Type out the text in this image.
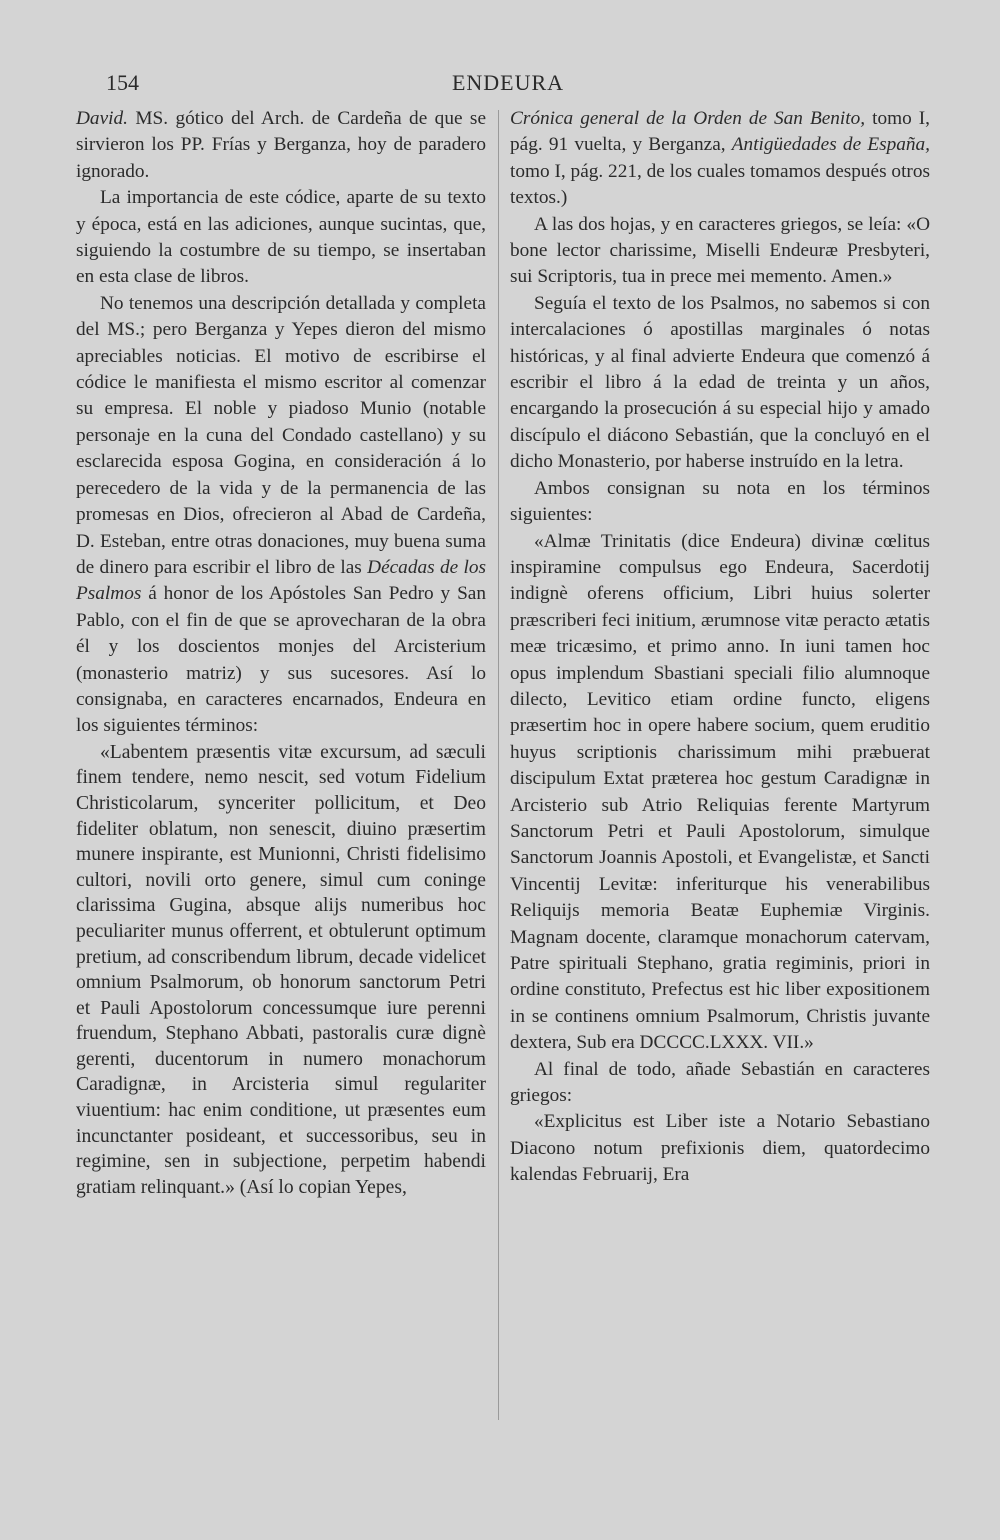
154	ENDEURA

David. MS. gótico del Arch. de Cardeña de que se sirvieron los PP. Frías y Berganza, hoy de paradero ignorado.

La importancia de este códice, aparte de su texto y época, está en las adiciones, aunque sucintas, que, siguiendo la costumbre de su tiempo, se insertaban en esta clase de libros.

No tenemos una descripción detallada y completa del MS.; pero Berganza y Yepes dieron del mismo apreciables noticias. El motivo de escribirse el códice le manifiesta el mismo escritor al comenzar su empresa. El noble y piadoso Munio (notable personaje en la cuna del Condado castellano) y su esclarecida esposa Gogina, en consideración á lo perecedero de la vida y de la permanencia de las promesas en Dios, ofrecieron al Abad de Cardeña, D. Esteban, entre otras donaciones, muy buena suma de dinero para escribir el libro de las Décadas de los Psalmos á honor de los Apóstoles San Pedro y San Pablo, con el fin de que se aprovecharan de la obra él y los doscientos monjes del Arcisterium (monasterio matriz) y sus sucesores. Así lo consignaba, en caracteres encarnados, Endeura en los siguientes términos:

«Labentem præsentis vitæ excursum, ad sæculi finem tendere, nemo nescit, sed votum Fidelium Christicolarum, synceriter pollicitum, et Deo fideliter oblatum, non senescit, diuino præsertim munere inspirante, est Munionni, Christi fidelisimo cultori, novili orto genere, simul cum coninge clarissima Gugina, absque alijs numeribus hoc peculiariter munus offerrent, et obtulerunt optimum pretium, ad conscribendum librum, decade videlicet omnium Psalmorum, ob honorum sanctorum Petri et Pauli Apostolorum concessumque iure perenni fruendum, Stephano Abbati, pastoralis curæ dignè gerenti, ducentorum in numero monachorum Caradignæ, in Arcisteria simul regulariter viuentium: hac enim conditione, ut præsentes eum incunctanter posideant, et successoribus, seu in regimine, sen in subjectione, perpetim habendi gratiam relinquant.» (Así lo copian Yepes,

Crónica general de la Orden de San Benito, tomo I, pág. 91 vuelta, y Berganza, Antigüedades de España, tomo I, pág. 221, de los cuales tomamos después otros textos.)

A las dos hojas, y en caracteres griegos, se leía: «O bone lector charissime, Miselli Endeuræ Presbyteri, sui Scriptoris, tua in prece mei memento. Amen.»

Seguía el texto de los Psalmos, no sabemos si con intercalaciones ó apostillas marginales ó notas históricas, y al final advierte Endeura que comenzó á escribir el libro á la edad de treinta y un años, encargando la prosecución á su especial hijo y amado discípulo el diácono Sebastián, que la concluyó en el dicho Monasterio, por haberse instruído en la letra.

Ambos consignan su nota en los términos siguientes:

«Almæ Trinitatis (dice Endeura) divinæ cœlitus inspiramine compulsus ego Endeura, Sacerdotij indignè oferens officium, Libri huius solerter præscriberi feci initium, ærumnose vitæ peracto ætatis meæ tricæsimo, et primo anno. In iuni tamen hoc opus implendum Sbastiani speciali filio alumnoque dilecto, Levitico etiam ordine functo, eligens præsertim hoc in opere habere socium, quem eruditio huyus scriptionis charissimum mihi præbuerat discipulum Extat præterea hoc gestum Caradignæ in Arcisterio sub Atrio Reliquias ferente Martyrum Sanctorum Petri et Pauli Apostolorum, simulque Sanctorum Joannis Apostoli, et Evangelistæ, et Sancti Vincentij Levitæ: inferiturque his venerabilibus Reliquijs memoria Beatæ Euphemiæ Virginis. Magnam docente, claramque monachorum catervam, Patre spirituali Stephano, gratia regiminis, priori in ordine constituto, Prefectus est hic liber expositionem in se continens omnium Psalmorum, Christis juvante dextera, Sub era DCCCC.LXXX. VII.»

Al final de todo, añade Sebastián en caracteres griegos:

«Explicitus est Liber iste a Notario Sebastiano Diacono notum prefixionis diem, quatordecimo kalendas Februarij, Era
